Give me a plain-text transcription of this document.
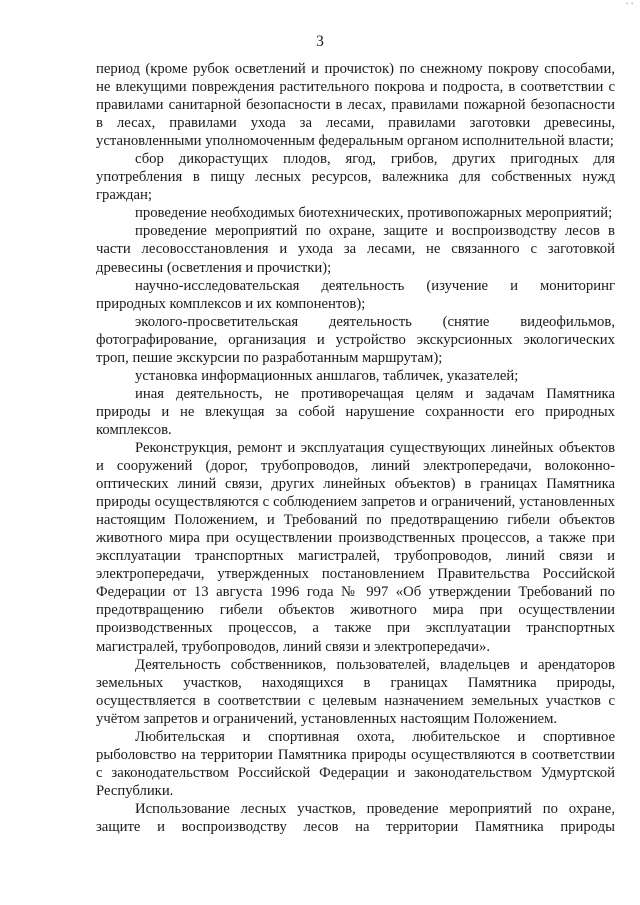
• •
3

период (кроме рубок осветлений и прочисток) по снежному покрову способами, не влекущими повреждения растительного покрова и подроста, в соответствии с правилами санитарной безопасности в лесах, правилами пожарной безопасности в лесах, правилами ухода за лесами, правилами заготовки древесины, установленными уполномоченным федеральным органом исполнительной власти;

сбор дикорастущих плодов, ягод, грибов, других пригодных для употребления в пищу лесных ресурсов, валежника для собственных нужд граждан;

проведение необходимых биотехнических, противопожарных мероприятий;

проведение мероприятий по охране, защите и воспроизводству лесов в части лесовосстановления и ухода за лесами, не связанного с заготовкой древесины (осветления и прочистки);

научно-исследовательская деятельность (изучение и мониторинг природных комплексов и их компонентов);

эколого-просветительская деятельность (снятие видеофильмов, фотографирование, организация и устройство экскурсионных экологических троп, пешие экскурсии по разработанным маршрутам);

установка информационных аншлагов, табличек, указателей;

иная деятельность, не противоречащая целям и задачам Памятника природы и не влекущая за собой нарушение сохранности его природных комплексов.

Реконструкция, ремонт и эксплуатация существующих линейных объектов и сооружений (дорог, трубопроводов, линий электропередачи, волоконно-оптических линий связи, других линейных объектов) в границах Памятника природы осуществляются с соблюдением запретов и ограничений, установленных настоящим Положением, и Требований по предотвращению гибели объектов животного мира при осуществлении производственных процессов, а также при эксплуатации транспортных магистралей, трубопроводов, линий связи и электропередачи, утвержденных постановлением Правительства Российской Федерации от 13 августа 1996 года № 997 «Об утверждении Требований по предотвращению гибели объектов животного мира при осуществлении производственных процессов, а также при эксплуатации транспортных магистралей, трубопроводов, линий связи и электропередачи».

Деятельность собственников, пользователей, владельцев и арендаторов земельных участков, находящихся в границах Памятника природы, осуществляется в соответствии с целевым назначением земельных участков с учётом запретов и ограничений, установленных настоящим Положением.

Любительская и спортивная охота, любительское и спортивное рыболовство на территории Памятника природы осуществляются в соответствии с законодательством Российской Федерации и законодательством Удмуртской Республики.

Использование лесных участков, проведение мероприятий по охране, защите и воспроизводству лесов на территории Памятника природы
